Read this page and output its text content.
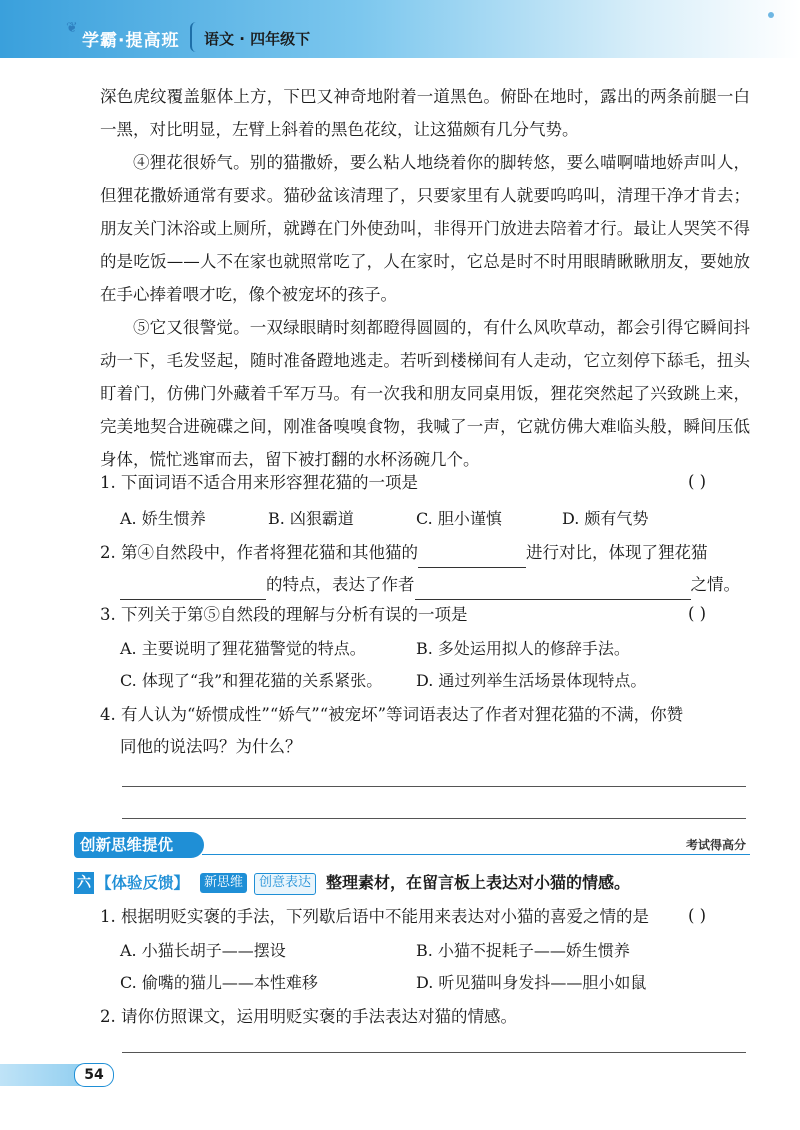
❦
学霸·提高班 语文 · 四年级下

深色虎纹覆盖躯体上方，下巴又神奇地附着一道黑色。俯卧在地时，露出的两条前腿一白一黑，对比明显，左臂上斜着的黑色花纹，让这猫颇有几分气势。

④狸花很娇气。别的猫撒娇，要么粘人地绕着你的脚转悠，要么喵啊喵地娇声叫人，但狸花撒娇通常有要求。猫砂盆该清理了，只要家里有人就要呜呜叫，清理干净才肯去；朋友关门沐浴或上厕所，就蹲在门外使劲叫，非得开门放进去陪着才行。最让人哭笑不得的是吃饭——人不在家也就照常吃了，人在家时，它总是时不时用眼睛瞅瞅朋友，要她放在手心捧着喂才吃，像个被宠坏的孩子。

⑤它又很警觉。一双绿眼睛时刻都瞪得圆圆的，有什么风吹草动，都会引得它瞬间抖动一下，毛发竖起，随时准备蹬地逃走。若听到楼梯间有人走动，它立刻停下舔毛，扭头盯着门，仿佛门外藏着千军万马。有一次我和朋友同桌用饭，狸花突然起了兴致跳上来，完美地契合进碗碟之间，刚准备嗅嗅食物，我喊了一声，它就仿佛大难临头般，瞬间压低身体，慌忙逃窜而去，留下被打翻的水杯汤碗几个。

1. 下面词语不适合用来形容狸花猫的一项是	( )
A. 娇生惯养	B. 凶狠霸道	C. 胆小谨慎	D. 颇有气势
2. 第④自然段中，作者将狸花猫和其他猫的	进行对比，体现了狸花猫
的特点，表达了作者	之情。
3. 下列关于第⑤自然段的理解与分析有误的一项是	( )
A. 主要说明了狸花猫警觉的特点。	B. 多处运用拟人的修辞手法。
C. 体现了“我”和狸花猫的关系紧张。 D. 通过列举生活场景体现特点。
4. 有人认为“娇惯成性”“娇气”“被宠坏”等词语表达了作者对狸花猫的不满，你赞
同他的说法吗？为什么？
创新思维提优	考试得高分
六 【体验反馈】	新思维	创意表达 整理素材，在留言板上表达对小猫的情感。
1. 根据明贬实褒的手法，下列歇后语中不能用来表达对小猫的喜爱之情的是 ( )
A. 小猫长胡子——摆设	B. 小猫不捉耗子——娇生惯养
C. 偷嘴的猫儿——本性难移	D. 听见猫叫身发抖——胆小如鼠
2. 请你仿照课文，运用明贬实褒的手法表达对猫的情感。
54
